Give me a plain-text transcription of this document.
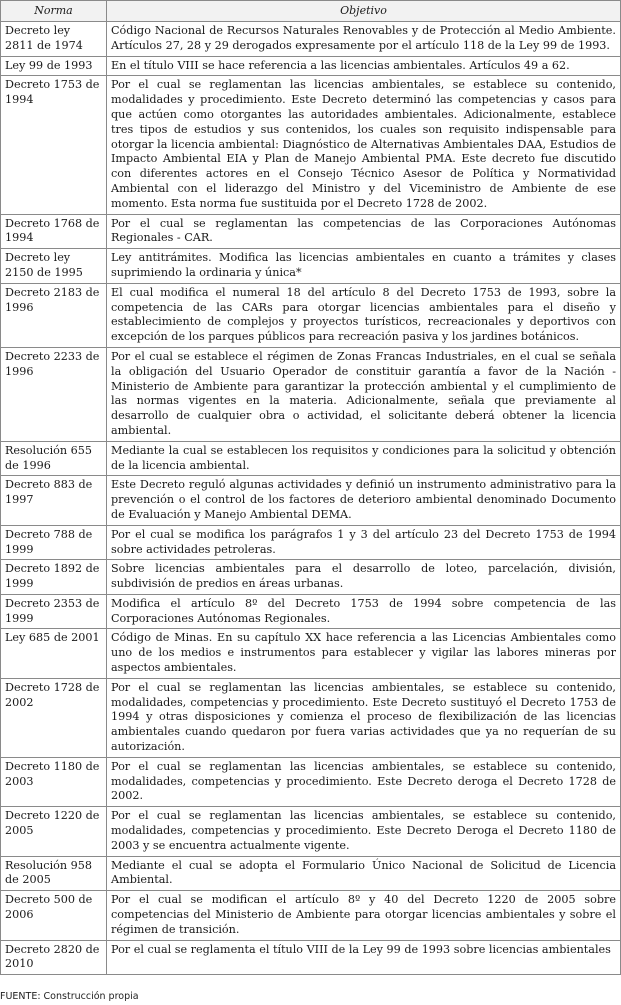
Norma	Objetivo
Decreto ley 2811 de 1974	Código Nacional de Recursos Naturales Renovables y de Protección al Medio Ambiente. Artículos 27, 28 y 29 derogados expresamente por el artículo 118 de la Ley 99 de 1993.
Ley 99 de 1993	En el título VIII se hace referencia a las licencias ambientales. Artículos 49 a 62.
Decreto 1753 de 1994	Por el cual se reglamentan las licencias ambientales, se establece su contenido, modalidades y procedimiento. Este Decreto determinó las competencias y casos para que actúen como otorgantes las autoridades ambientales. Adicionalmente, establece tres tipos de estudios y sus contenidos, los cuales son requisito indispensable para otorgar la licencia ambiental: Diagnóstico de Alternativas Ambientales DAA, Estudios de Impacto Ambiental EIA y Plan de Manejo Ambiental PMA. Este decreto fue discutido con diferentes actores en el Consejo Técnico Asesor de Política y Normatividad Ambiental con el liderazgo del Ministro y del Viceministro de Ambiente de ese momento. Esta norma fue sustituida por el Decreto 1728 de 2002.
Decreto 1768 de 1994	Por el cual se reglamentan las competencias de las Corporaciones Autónomas Regionales - CAR.
Decreto ley 2150 de 1995	Ley antitrámites. Modifica las licencias ambientales en cuanto a trámites y clases suprimiendo la ordinaria y única*
Decreto 2183 de 1996	El cual modifica el numeral 18 del artículo 8 del Decreto 1753 de 1993, sobre la competencia de las CARs para otorgar licencias ambientales para el diseño y establecimiento de complejos y proyectos turísticos, recreacionales y deportivos con excepción de los parques públicos para recreación pasiva y los jardines botánicos.
Decreto 2233 de 1996	Por el cual se establece el régimen de Zonas Francas Industriales, en el cual se señala la obligación del Usuario Operador de constituir garantía a favor de la Nación - Ministerio de Ambiente para garantizar la protección ambiental y el cumplimiento de las normas vigentes en la materia. Adicionalmente, señala que previamente al desarrollo de cualquier obra o actividad, el solicitante deberá obtener la licencia ambiental.
Resolución 655 de 1996	Mediante la cual se establecen los requisitos y condiciones para la solicitud y obtención de la licencia ambiental.
Decreto 883 de 1997	Este Decreto reguló algunas actividades y definió un instrumento administrativo para la prevención o el control de los factores de deterioro ambiental denominado Documento de Evaluación y Manejo Ambiental DEMA.
Decreto 788 de 1999	Por el cual se modifica los parágrafos 1 y 3 del artículo 23 del Decreto 1753 de 1994 sobre actividades petroleras.
Decreto 1892 de 1999	Sobre licencias ambientales para el desarrollo de loteo, parcelación, división, subdivisión de predios en áreas urbanas.
Decreto 2353 de 1999	Modifica el artículo 8º del Decreto 1753 de 1994 sobre competencia de las Corporaciones Autónomas Regionales.
Ley 685 de 2001	Código de Minas. En su capítulo XX hace referencia a las Licencias Ambientales como uno de los medios e instrumentos para establecer y vigilar las labores mineras por aspectos ambientales.
Decreto 1728 de 2002	Por el cual se reglamentan las licencias ambientales, se establece su contenido, modalidades, competencias y procedimiento. Este Decreto sustituyó el Decreto 1753 de 1994 y otras disposiciones y comienza el proceso de flexibilización de las licencias ambientales cuando quedaron por fuera varias actividades que ya no requerían de su autorización.
Decreto 1180 de 2003	Por el cual se reglamentan las licencias ambientales, se establece su contenido, modalidades, competencias y procedimiento. Este Decreto deroga el Decreto 1728 de 2002.
Decreto 1220 de 2005	Por el cual se reglamentan las licencias ambientales, se establece su contenido, modalidades, competencias y procedimiento. Este Decreto Deroga el Decreto 1180 de 2003 y se encuentra actualmente vigente.
Resolución 958 de 2005	Mediante el cual se adopta el Formulario Único Nacional de Solicitud de Licencia Ambiental.
Decreto 500 de 2006	Por el cual se modifican el artículo 8º y 40 del Decreto 1220 de 2005 sobre competencias del Ministerio de Ambiente para otorgar licencias ambientales y sobre el régimen de transición.
Decreto 2820 de 2010	Por el cual se reglamenta el título VIII de la Ley 99 de 1993 sobre licencias ambientales
FUENTE: Construcción propia
